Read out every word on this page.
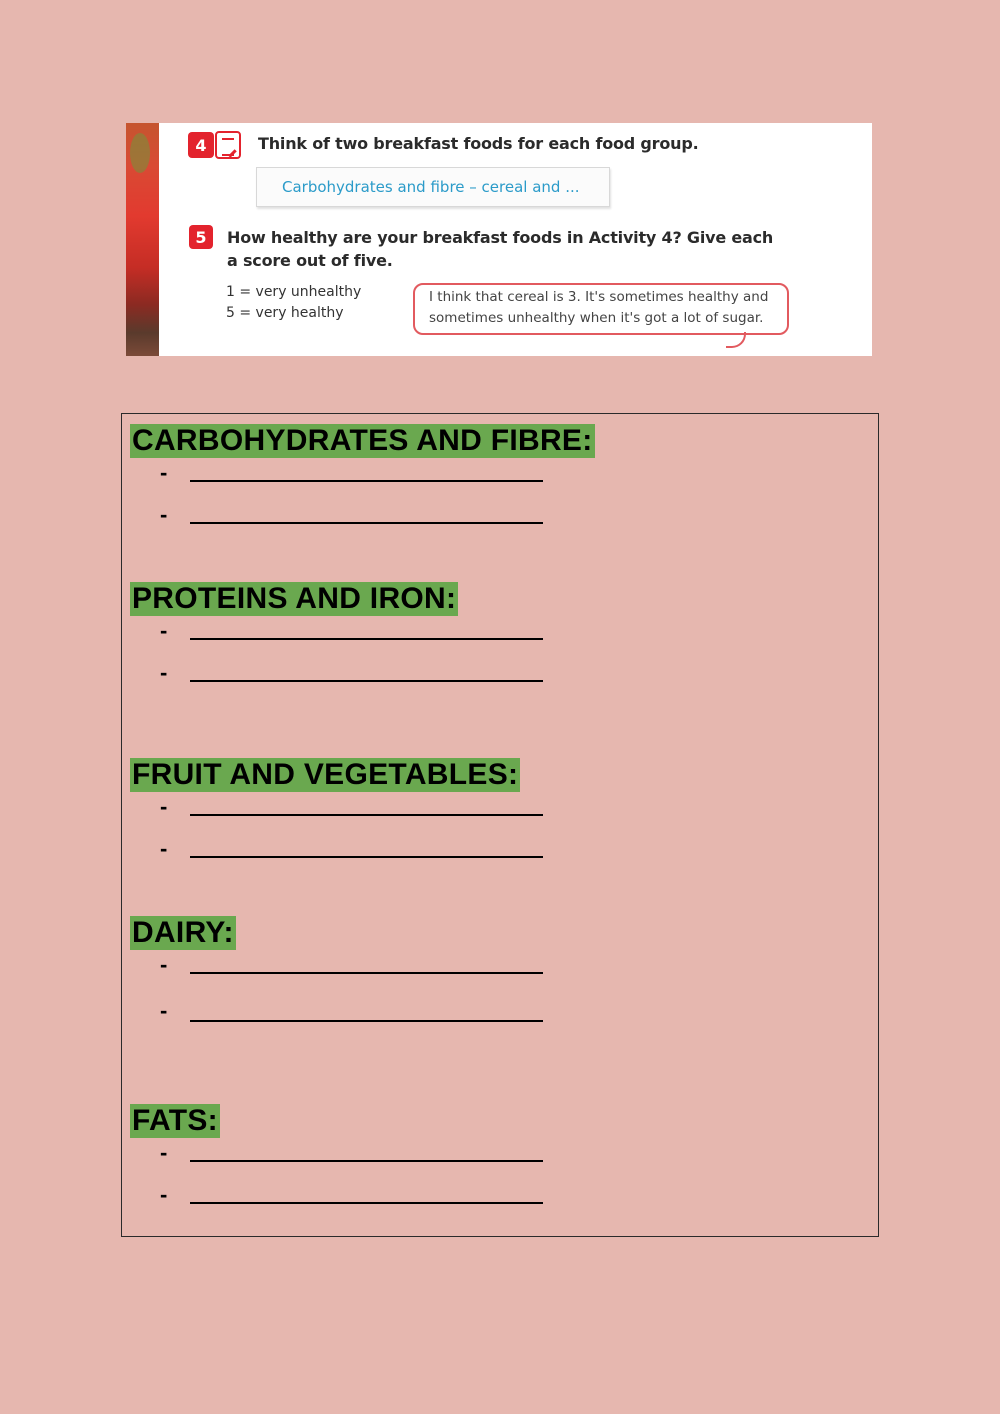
4	Think of two breakfast foods for each food group.
Carbohydrates and fibre – cereal and ...
5	How healthy are your breakfast foods in Activity 4? Give each
a score out of five.
1 = very unhealthy
5 = very healthy
I think that cereal is 3. It's sometimes healthy and
sometimes unhealthy when it's got a lot of sugar.
CARBOHYDRATES AND FIBRE:
-
-
PROTEINS AND IRON:
-
-
FRUIT AND VEGETABLES:
-
-
DAIRY:
-
-
FATS:
-
-
